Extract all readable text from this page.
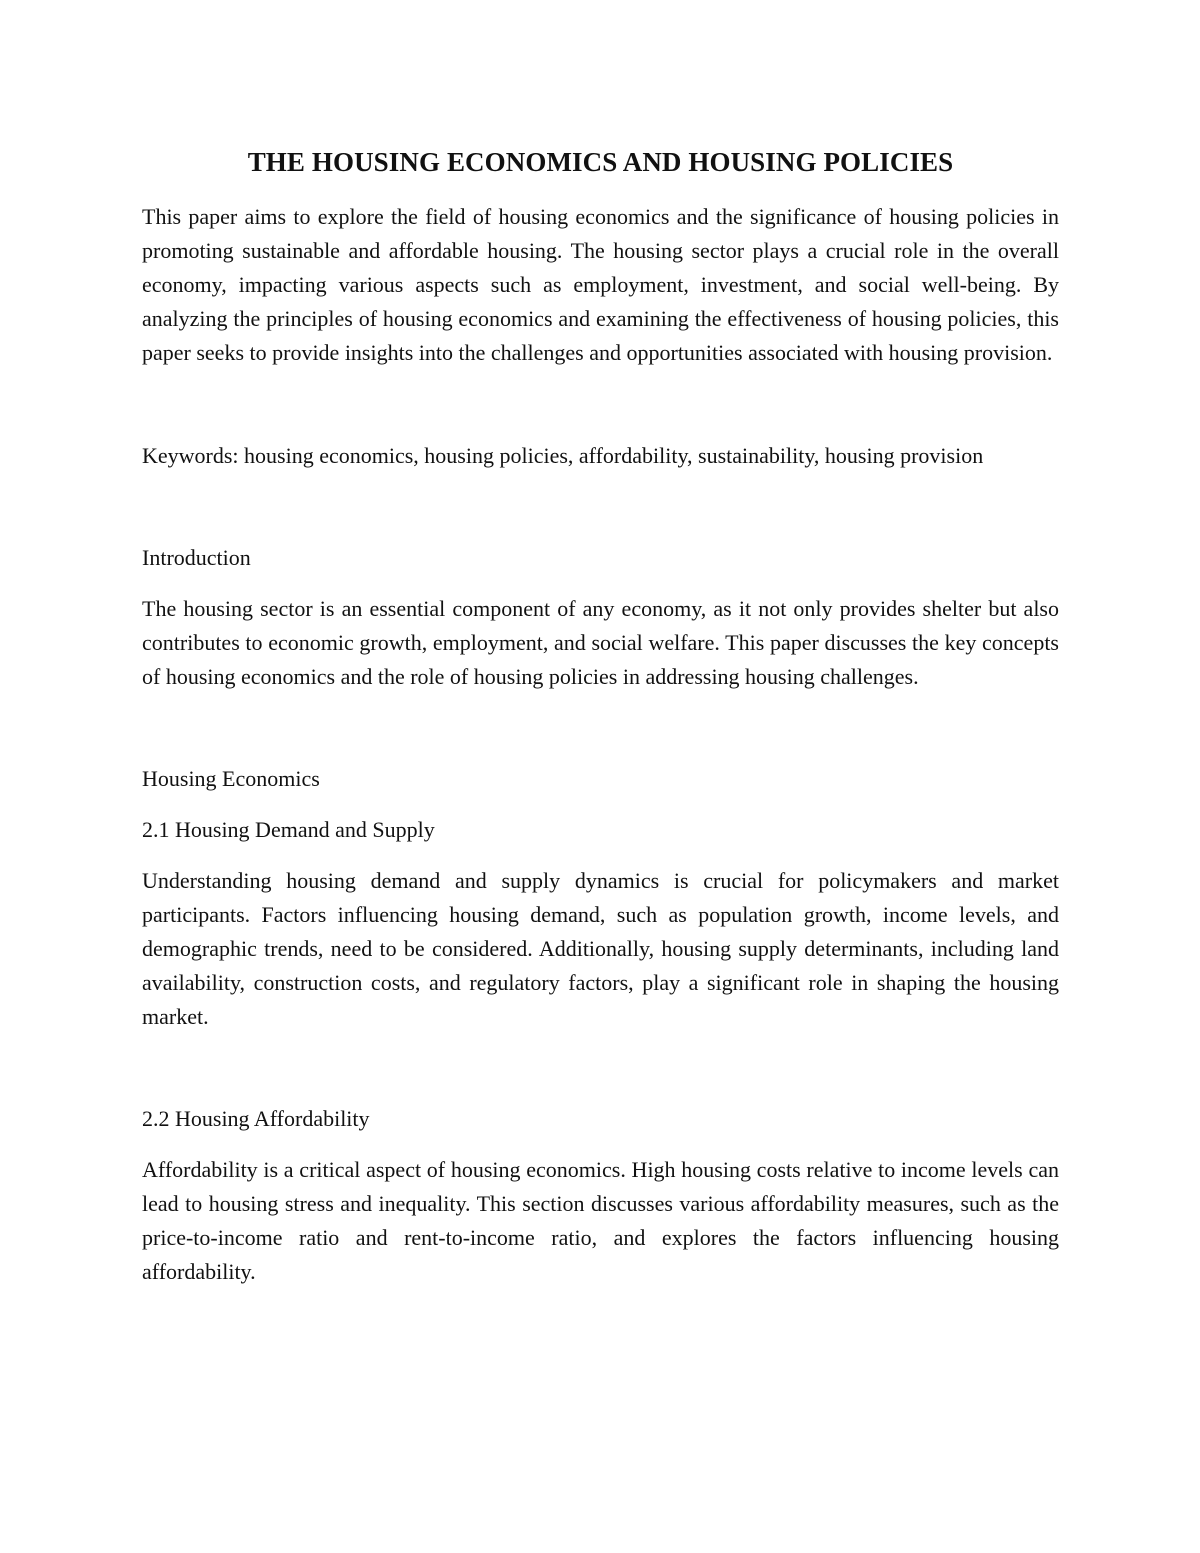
THE HOUSING ECONOMICS AND HOUSING POLICIES

This paper aims to explore the field of housing economics and the significance of housing policies in promoting sustainable and affordable housing. The housing sector plays a crucial role in the overall economy, impacting various aspects such as employment, investment, and social well-being. By analyzing the principles of housing economics and examining the effectiveness of housing policies, this paper seeks to provide insights into the challenges and opportunities associated with housing provision.

Keywords: housing economics, housing policies, affordability, sustainability, housing provision

Introduction

The housing sector is an essential component of any economy, as it not only provides shelter but also contributes to economic growth, employment, and social welfare. This paper discusses the key concepts of housing economics and the role of housing policies in addressing housing challenges.

Housing Economics

2.1 Housing Demand and Supply

Understanding housing demand and supply dynamics is crucial for policymakers and market participants. Factors influencing housing demand, such as population growth, income levels, and demographic trends, need to be considered. Additionally, housing supply determinants, including land availability, construction costs, and regulatory factors, play a significant role in shaping the housing market.

2.2 Housing Affordability

Affordability is a critical aspect of housing economics. High housing costs relative to income levels can lead to housing stress and inequality. This section discusses various affordability measures, such as the price-to-income ratio and rent-to-income ratio, and explores the factors influencing housing affordability.
